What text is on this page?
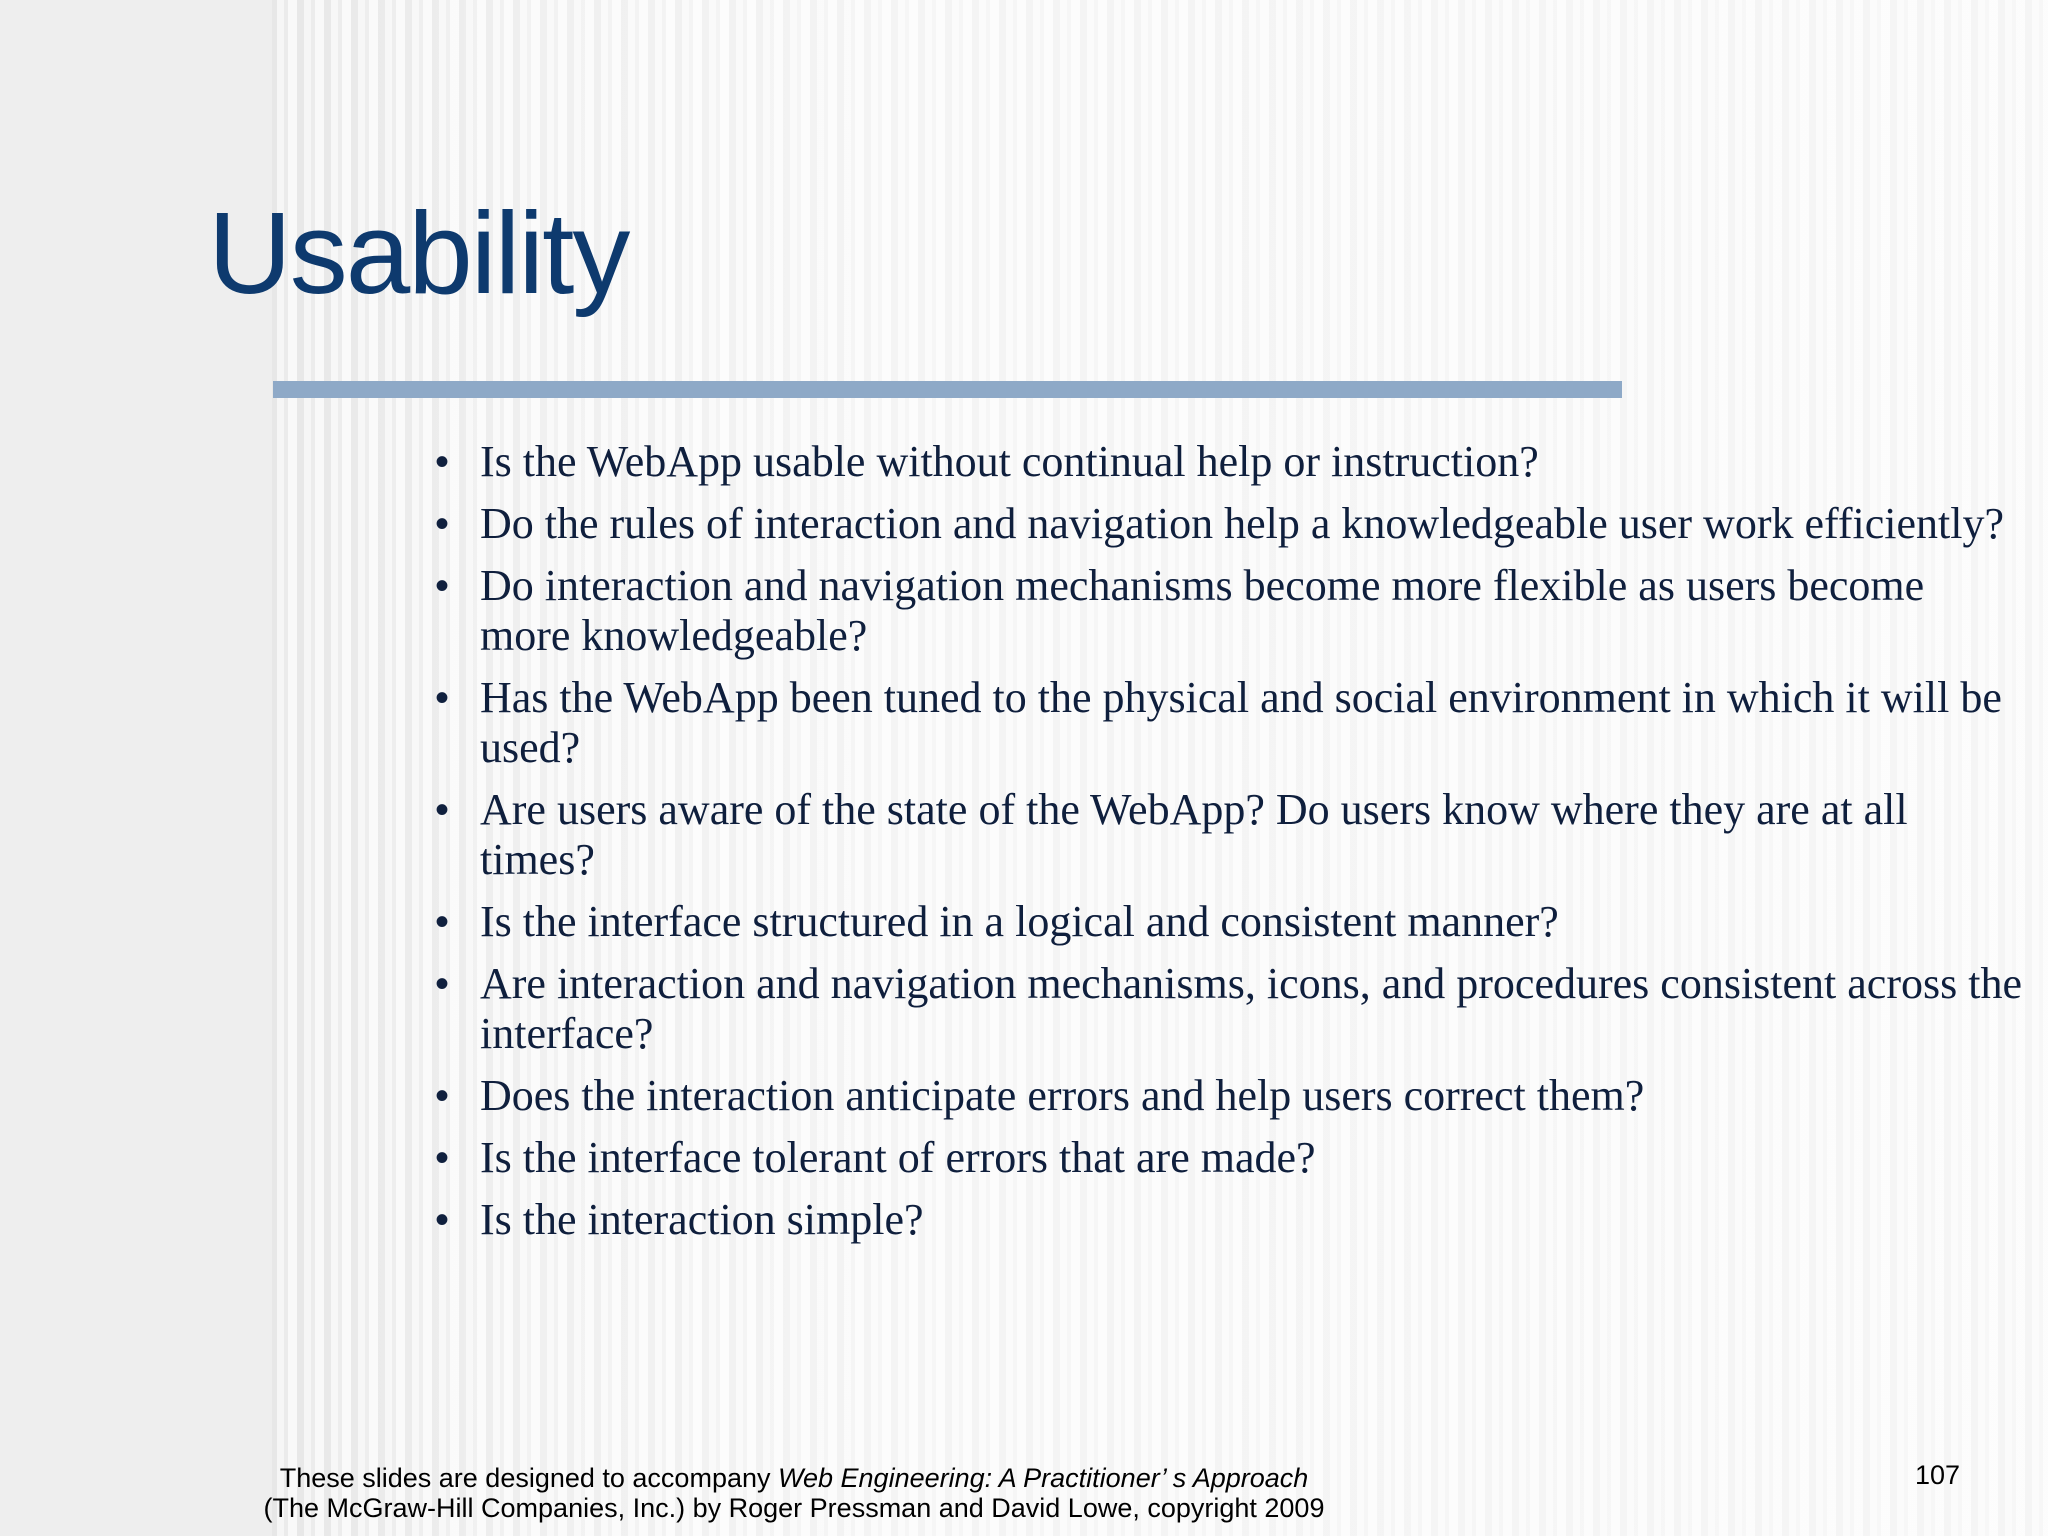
Usability
• Is the WebApp usable without continual help or instruction?
• Do the rules of interaction and navigation help a knowledgeable user work efficiently?
• Do interaction and navigation mechanisms become more flexible as users become more knowledgeable?
• Has the WebApp been tuned to the physical and social environment in which it will be used?
• Are users aware of the state of the WebApp? Do users know where they are at all times?
• Is the interface structured in a logical and consistent manner?
• Are interaction and navigation mechanisms, icons, and procedures consistent across the interface?
• Does the interaction anticipate errors and help users correct them?
• Is the interface tolerant of errors that are made?
• Is the interaction simple?
These slides are designed to accompany Web Engineering: A Practitioner’ s Approach
(The McGraw-Hill Companies, Inc.) by Roger Pressman and David Lowe, copyright 2009
107
